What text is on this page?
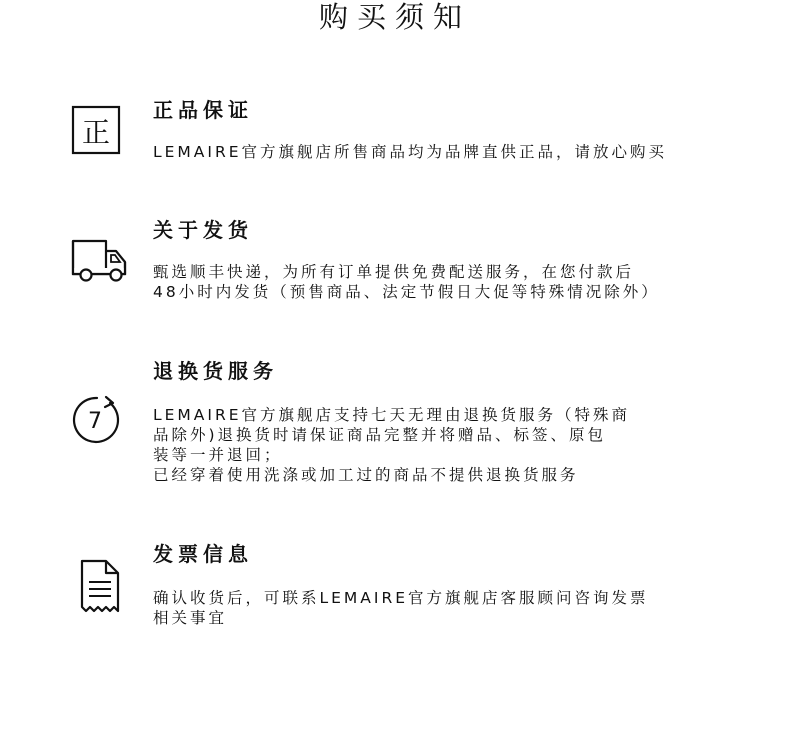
购买须知
正
正品保证
LEMAIRE官方旗舰店所售商品均为品牌直供正品，请放心购买
关于发货
甄选顺丰快递，为所有订单提供免费配送服务，在您付款后
48小时内发货（预售商品、法定节假日大促等特殊情况除外）
7
退换货服务
LEMAIRE官方旗舰店支持七天无理由退换货服务（特殊商
品除外)退换货时请保证商品完整并将赠品、标签、原包
装等一并退回；
已经穿着使用洗涤或加工过的商品不提供退换货服务
发票信息
确认收货后，可联系LEMAIRE官方旗舰店客服顾问咨询发票
相关事宜
